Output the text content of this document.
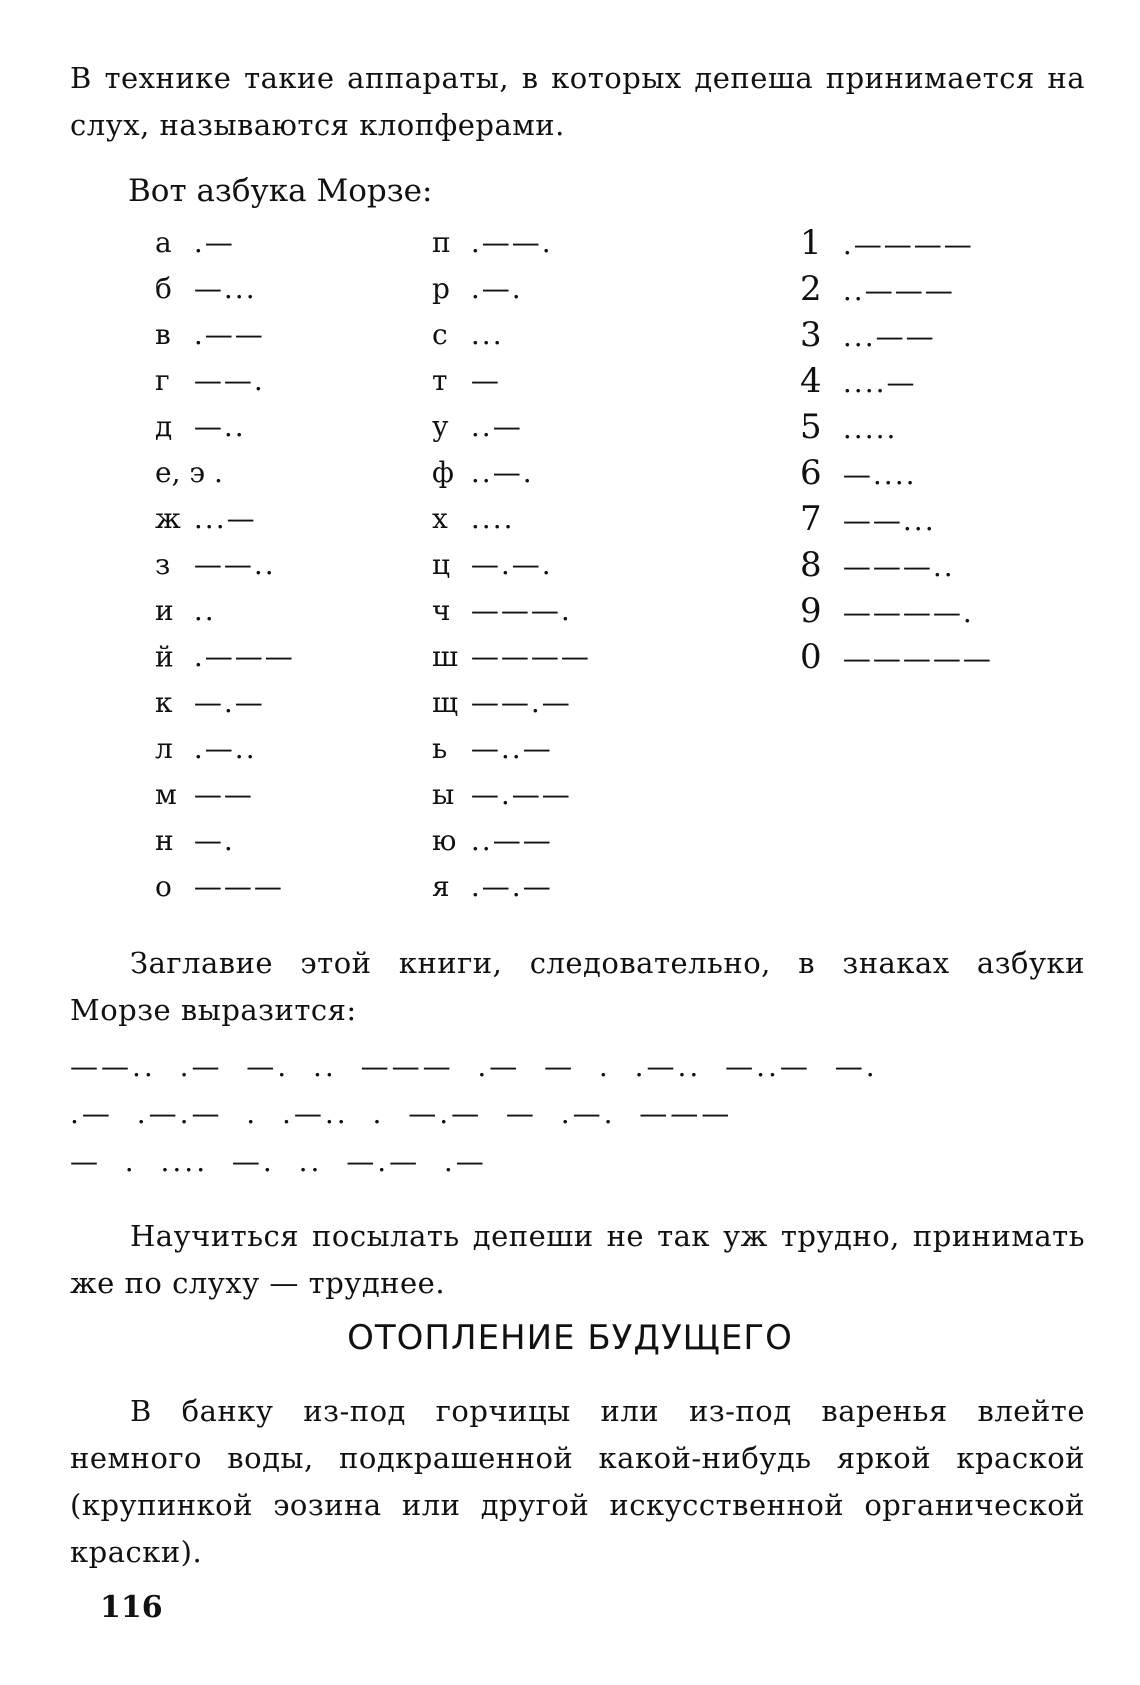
В технике такие аппараты, в которых депеша принимается на слух, называются клопферами.
Вот азбука Морзе:
а .—
б —...
в .——
г ——.
д —..
е, э .
ж ...—
з ——..
и ..
й .———
к —.—
л .—..
м ——
н —.
о ———
п .——.
р .—.
с ...
т —
у ..—
ф ..—.
х ....
ц —.—.
ч ———.
ш ————
щ ——.—
ь —..—
ы —.——
ю ..——
я .—.—
1 .————
2 ..———
3 ...——
4 ....—
5 .....
6 —....
7 ——...
8 ———..
9 ————.
0 —————
Заглавие этой книги, следовательно, в знаках азбуки Морзе выразится:
——..  .—  —.  ..  ———  .—  —  .  .—..  —..—  —.
.—  .—.—  .  .—..  .  —.—  —  .—.  ———
—  .  ....  —.  ..  —.—  .—
Научиться посылать депеши не так уж трудно, принимать же по слуху — труднее.
ОТОПЛЕНИЕ БУДУЩЕГО
В банку из-под горчицы или из-под варенья влейте немного воды, подкрашенной какой-нибудь яркой краской (крупинкой эозина или другой искусственной органической краски).
116
